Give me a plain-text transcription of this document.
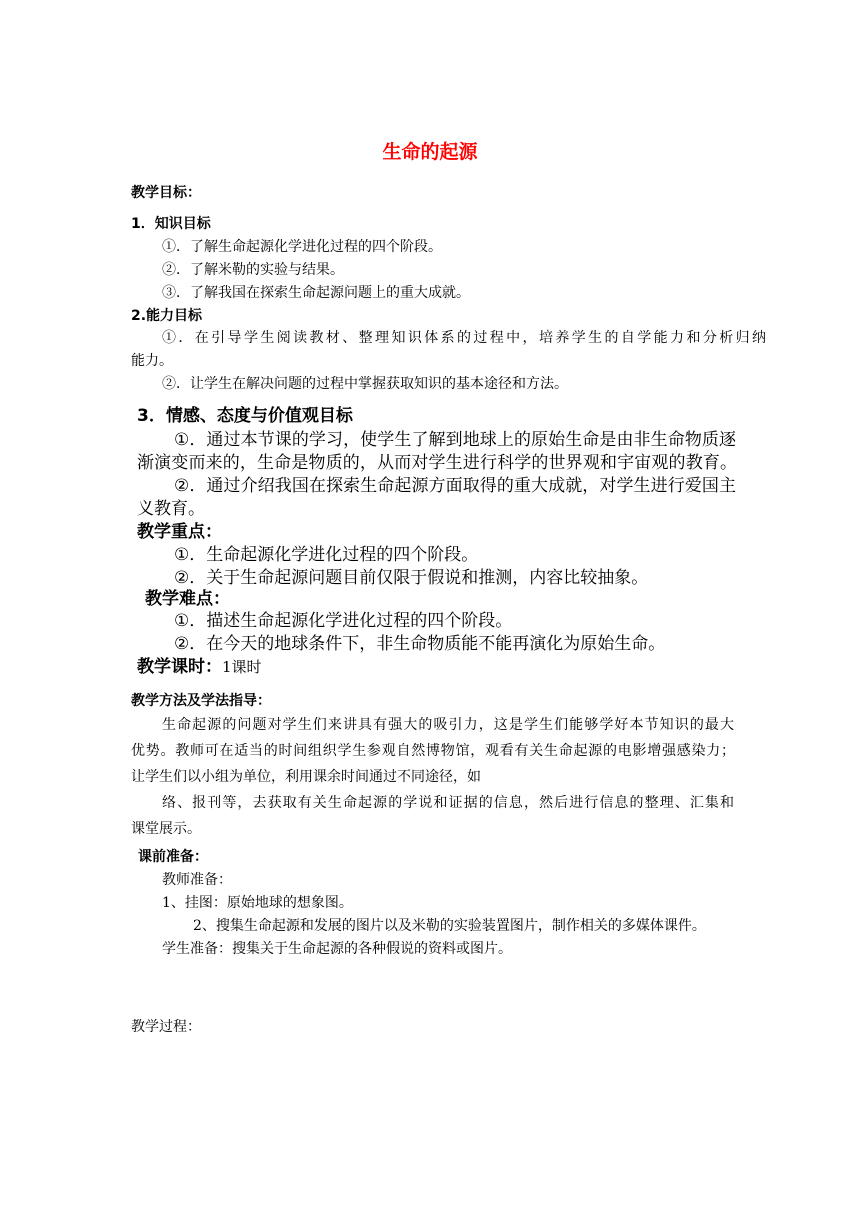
生命的起源
教学目标：
1．知识目标
①．了解生命起源化学进化过程的四个阶段。
②．了解米勒的实验与结果。
③．了解我国在探索生命起源问题上的重大成就。
2.能力目标
①．在引导学生阅读教材、整理知识体系的过程中，培养学生的自学能力和分析归纳
能力。
②．让学生在解决问题的过程中掌握获取知识的基本途径和方法。
3．情感、态度与价值观目标
①．通过本节课的学习，使学生了解到地球上的原始生命是由非生命物质逐
渐演变而来的，生命是物质的，从而对学生进行科学的世界观和宇宙观的教育。
②．通过介绍我国在探索生命起源方面取得的重大成就，对学生进行爱国主
义教育。
教学重点：
①．生命起源化学进化过程的四个阶段。
②．关于生命起源问题目前仅限于假说和推测，内容比较抽象。
教学难点：
①．描述生命起源化学进化过程的四个阶段。
②．在今天的地球条件下，非生命物质能不能再演化为原始生命。
教学课时：1课时
教学方法及学法指导：
生命起源的问题对学生们来讲具有强大的吸引力，这是学生们能够学好本节知识的最大
优势。教师可在适当的时间组织学生参观自然博物馆，观看有关生命起源的电影增强感染力；
让学生们以小组为单位，利用课余时间通过不同途径，如
络、报刊等，去获取有关生命起源的学说和证据的信息，然后进行信息的整理、汇集和
课堂展示。
课前准备：
教师准备：
1、挂图：原始地球的想象图。
2、搜集生命起源和发展的图片以及米勒的实验装置图片，制作相关的多媒体课件。
学生准备：搜集关于生命起源的各种假说的资料或图片。
教学过程：
